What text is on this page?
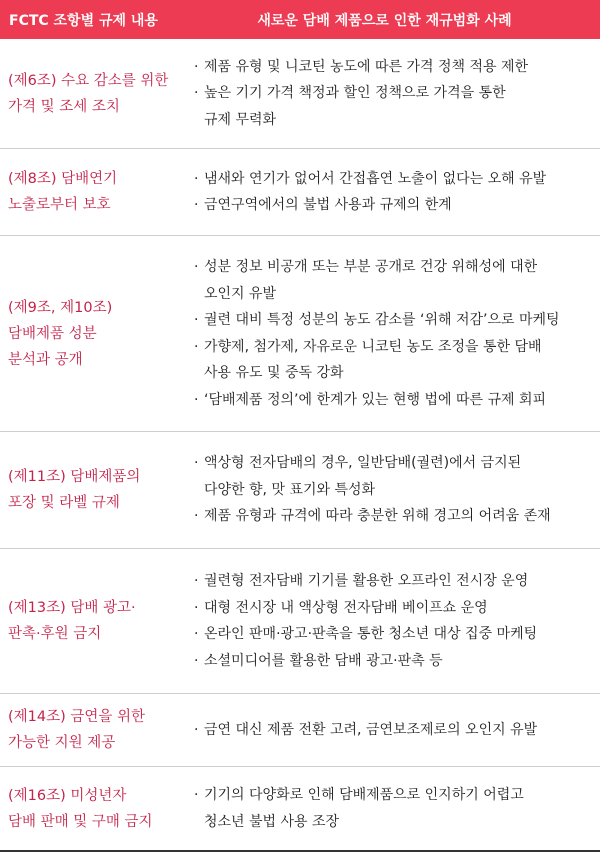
FCTC 조항별 규제 내용	새로운 담배 제품으로 인한 재규범화 사례
(제6조) 수요 감소를 위한
가격 및 조세 조치
· 제품 유형 및 니코틴 농도에 따른 가격 정책 적용 제한
· 높은 기기 가격 책정과 할인 정책으로 가격을 통한
규제 무력화
(제8조) 담배연기
노출로부터 보호
· 냄새와 연기가 없어서 간접흡연 노출이 없다는 오해 유발
· 금연구역에서의 불법 사용과 규제의 한계
(제9조, 제10조)
담배제품 성분
분석과 공개
· 성분 정보 비공개 또는 부분 공개로 건강 위해성에 대한
오인지 유발
· 궐련 대비 특정 성분의 농도 감소를 ‘위해 저감’으로 마케팅
· 가향제, 첨가제, 자유로운 니코틴 농도 조정을 통한 담배
사용 유도 및 중독 강화
· ‘담배제품 정의’에 한계가 있는 현행 법에 따른 규제 회피
(제11조) 담배제품의
포장 및 라벨 규제
· 액상형 전자담배의 경우, 일반담배(궐련)에서 금지된
다양한 향, 맛 표기와 특성화
· 제품 유형과 규격에 따라 충분한 위해 경고의 어려움 존재
(제13조) 담배 광고·
판촉·후원 금지
· 궐련형 전자담배 기기를 활용한 오프라인 전시장 운영
· 대형 전시장 내 액상형 전자담배 베이프쇼 운영
· 온라인 판매·광고·판촉을 통한 청소년 대상 집중 마케팅
· 소셜미디어를 활용한 담배 광고·판촉 등
(제14조) 금연을 위한
가능한 지원 제공
· 금연 대신 제품 전환 고려, 금연보조제로의 오인지 유발
(제16조) 미성년자
담배 판매 및 구매 금지
· 기기의 다양화로 인해 담배제품으로 인지하기 어렵고
청소년 불법 사용 조장
